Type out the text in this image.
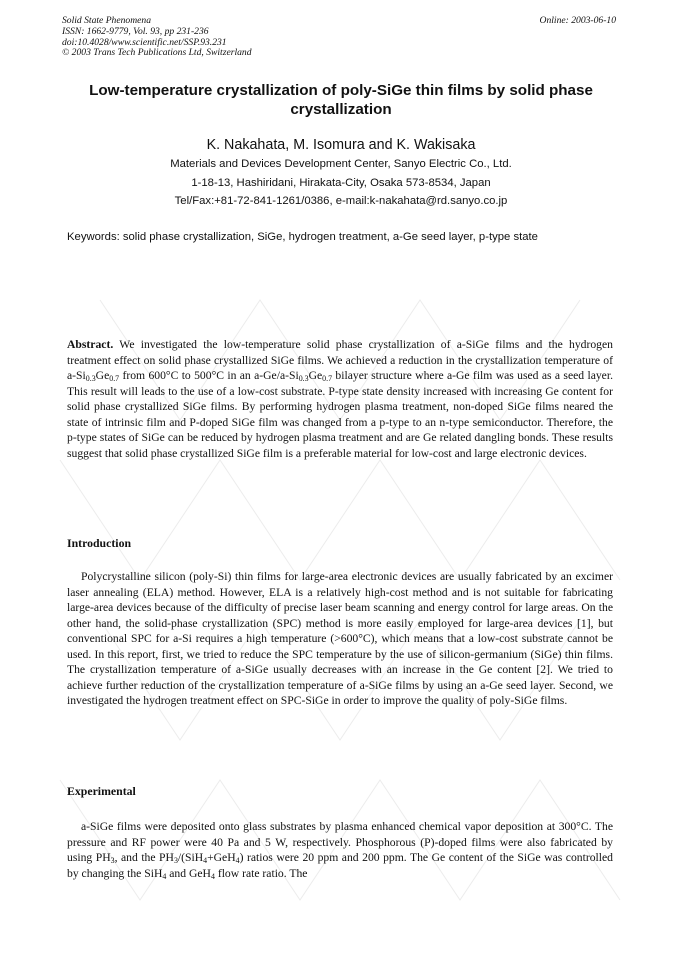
Solid State Phenomena
ISSN: 1662-9779, Vol. 93, pp 231-236
doi:10.4028/www.scientific.net/SSP.93.231
© 2003 Trans Tech Publications Ltd, Switzerland
Online: 2003-06-10
Low-temperature crystallization of poly-SiGe thin films by solid phase crystallization
K. Nakahata, M. Isomura and K. Wakisaka
Materials and Devices Development Center, Sanyo Electric Co., Ltd.
1-18-13, Hashiridani, Hirakata-City, Osaka 573-8534, Japan
Tel/Fax:+81-72-841-1261/0386, e-mail:k-nakahata@rd.sanyo.co.jp
Keywords: solid phase crystallization, SiGe, hydrogen treatment, a-Ge seed layer, p-type state

Abstract. We investigated the low-temperature solid phase crystallization of a-SiGe films and the hydrogen treatment effect on solid phase crystallized SiGe films. We achieved a reduction in the crystallization temperature of $a-Si_{0.3}Ge_{0.7}$ from 600°C to 500°C in an $a-Ge/a-Si_{0.3}Ge_{0.7}$ bilayer structure where a-Ge film was used as a seed layer. This result will leads to the use of a low-cost substrate. P-type state density increased with increasing Ge content for solid phase crystallized SiGe films. By performing hydrogen plasma treatment, non-doped SiGe films neared the state of intrinsic film and P-doped SiGe film was changed from a p-type to an n-type semiconductor. Therefore, the p-type states of SiGe can be reduced by hydrogen plasma treatment and are Ge related dangling bonds. These results suggest that solid phase crystallized SiGe film is a preferable material for low-cost and large electronic devices.

Introduction

Polycrystalline silicon (poly-Si) thin films for large-area electronic devices are usually fabricated by an excimer laser annealing (ELA) method. However, ELA is a relatively high-cost method and is not suitable for fabricating large-area devices because of the difficulty of precise laser beam scanning and energy control for large areas. On the other hand, the solid-phase crystallization (SPC) method is more easily employed for large-area devices [1], but conventional SPC for a-Si requires a high temperature (>600°C), which means that a low-cost substrate cannot be used. In this report, first, we tried to reduce the SPC temperature by the use of silicon-germanium (SiGe) thin films. The crystallization temperature of a-SiGe usually decreases with an increase in the Ge content [2]. We tried to achieve further reduction of the crystallization temperature of a-SiGe films by using an a-Ge seed layer. Second, we investigated the hydrogen treatment effect on SPC-SiGe in order to improve the quality of poly-SiGe films.

Experimental

a-SiGe films were deposited onto glass substrates by plasma enhanced chemical vapor deposition at 300°C. The pressure and RF power were 40 Pa and 5 W, respectively. Phosphorous (P)-doped films were also fabricated by using $PH_3$, and the $PH_3/(SiH_4+GeH_4)$ ratios were 20 ppm and 200 ppm. The Ge content of the SiGe was controlled by changing the SiH$_4$ and GeH$_4$ flow rate ratio. The
